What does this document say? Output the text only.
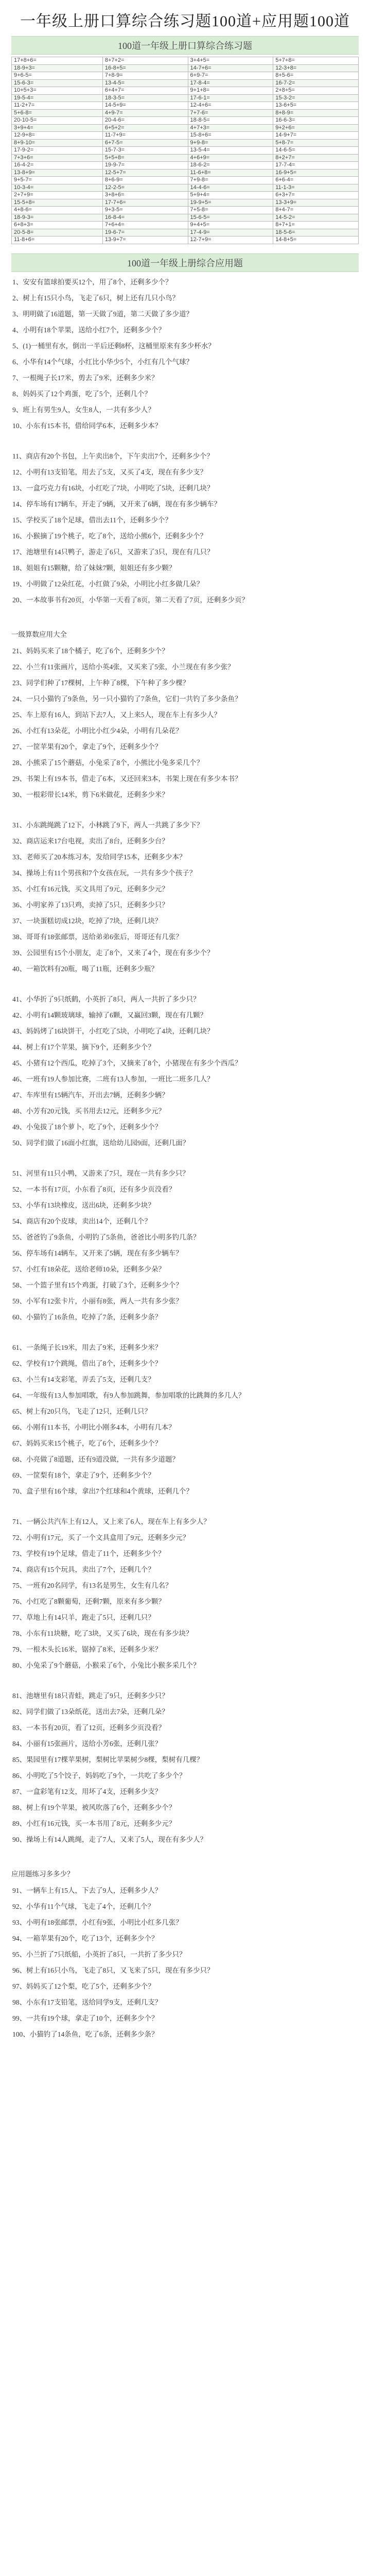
一年级上册口算综合练习题100道+应用题100道
100道一年级上册口算综合练习题
17+8+6=	8+7+2=	3+4+5=	5+7+8=
18-9+3=	16-8+5=	14-7+6=	12-3+8=
9+6-5=	7+8-9=	6+9-7=	8+5-6=
15-6-3=	13-4-5=	17-8-4=	16-7-2=
10+5+3=	6+4+7=	9+1+8=	2+8+5=
19-5-4=	18-3-5=	17-6-1=	15-3-2=
11-2+7=	14-5+9=	12-4+6=	13-6+5=
5+6-8=	4+9-7=	7+7-6=	8+8-9=
20-10-5=	20-4-6=	18-8-5=	16-6-3=
3+9+4=	6+5+2=	4+7+3=	9+2+6=
12-9+8=	11-7+9=	15-8+6=	14-9+7=
8+9-10=	6+7-5=	9+9-8=	5+8-7=
17-9-2=	15-7-3=	13-5-4=	14-6-5=
7+3+6=	5+5+8=	4+6+9=	8+2+7=
16-4-2=	19-9-7=	18-6-2=	17-7-4=
13-8+9=	12-5+7=	11-6+8=	16-9+5=
9+5-7=	8+6-9=	7+9-8=	6+6-4=
10-3-4=	12-2-5=	14-4-6=	11-1-3=
2+7+9=	3+8+6=	5+9+4=	6+3+7=
15-5+8=	17-7+6=	19-9+5=	13-3+9=
4+8-6=	9+3-5=	7+5-8=	8+4-7=
18-9-3=	16-8-4=	15-6-5=	14-5-2=
6+8+3=	7+6+4=	9+4+5=	8+7+1=
20-5-8=	19-6-7=	17-4-9=	18-5-6=
11-8+6=	13-9+7=	12-7+9=	14-8+5=
100道一年级上册综合应用题
1、安安有篮球拍要买12个，用了8个，还剩多少个？
2、树上有15只小鸟，飞走了6只，树上还有几只小鸟？
3、明明做了16道题，第一天做了9道，第二天做了多少道？
4、小明有18个苹果，送给小红7个，还剩多少个？
5、(1)一桶里有水，倒出一半后还剩8杯，这桶里原来有多少杯水？
6、小华有14个气球，小红比小华少5个，小红有几个气球？
7、一根绳子长17米，剪去了9米，还剩多少米？
8、妈妈买了12个鸡蛋，吃了5个，还剩几个？
9、班上有男生9人，女生8人，一共有多少人？
10、小东有15本书，借给同学6本，还剩多少本？
11、商店有20个书包，上午卖出8个，下午卖出7个，还剩多少个？
12、小明有13支铅笔，用去了5支，又买了4支，现在有多少支？
13、一盒巧克力有16块，小红吃了7块，小明吃了5块，还剩几块？
14、停车场有17辆车，开走了9辆，又开来了6辆，现在有多少辆车？
15、学校买了18个足球，借出去11个，还剩多少个？
16、小猴摘了19个桃子，吃了8个，送给小熊6个，还剩多少个？
17、池塘里有14只鸭子，游走了6只，又游来了3只，现在有几只？
18、姐姐有15颗糖，给了妹妹7颗，姐姐还有多少颗？
19、小明做了12朵红花，小红做了9朵，小明比小红多做几朵？
20、一本故事书有20页，小华第一天看了8页，第二天看了7页，还剩多少页？
一级算数应用大全
21、妈妈买来了18个橘子，吃了6个，还剩多少个？
22、小兰有11张画片，送给小英4张，又买来了5张，小兰现在有多少张？
23、同学们种了17棵树，上午种了8棵，下午种了多少棵？
24、一只小猫钓了9条鱼，另一只小猫钓了7条鱼，它们一共钓了多少条鱼？
25、车上原有16人，到站下去7人，又上来5人，现在车上有多少人？
26、小红有13朵花，小明比小红少4朵，小明有几朵花？
27、一筐苹果有20个，拿走了9个，还剩多少个？
28、小熊采了15个蘑菇，小兔采了8个，小熊比小兔多采几个？
29、书架上有19本书，借走了6本，又还回来3本，书架上现在有多少本书？
30、一根彩带长14米，剪下6米做花，还剩多少米？
31、小东跳绳跳了12下，小林跳了9下，两人一共跳了多少下？
32、商店运来17台电视，卖出了8台，还剩多少台？
33、老师买了20本练习本，发给同学15本，还剩多少本？
34、操场上有11个男孩和7个女孩在玩，一共有多少个孩子？
35、小红有16元钱，买文具用了9元，还剩多少元？
36、小明家养了13只鸡，卖掉了5只，还剩多少只？
37、一块蛋糕切成12块，吃掉了7块，还剩几块？
38、哥哥有18张邮票，送给弟弟6张后，哥哥还有几张？
39、公园里有15个小朋友，走了8个，又来了4个，现在有多少个？
40、一箱饮料有20瓶，喝了11瓶，还剩多少瓶？
41、小华折了9只纸鹤，小英折了8只，两人一共折了多少只？
42、小明有14颗玻璃球，输掉了6颗，又赢回3颗，现在有几颗？
43、妈妈烤了16块饼干，小红吃了5块，小明吃了4块，还剩几块？
44、树上有17个苹果，摘下9个，还剩多少个？
45、小猪有12个西瓜，吃掉了3个，又摘来了8个，小猪现在有多少个西瓜？
46、一班有19人参加比赛，二班有13人参加，一班比二班多几人？
47、车库里有15辆汽车，开出去7辆，还剩多少辆？
48、小芳有20元钱，买书用去12元，还剩多少元？
49、小兔拔了18个萝卜，吃了9个，还剩多少个？
50、同学们做了16面小红旗，送给幼儿园9面，还剩几面？
51、河里有11只小鸭，又游来了7只，现在一共有多少只？
52、一本书有17页，小东看了8页，还有多少页没看？
53、小华有13块橡皮，送出6块，还剩多少块？
54、商店有20个皮球，卖出14个，还剩几个？
55、爸爸钓了9条鱼，小明钓了5条鱼，爸爸比小明多钓几条？
56、停车场有14辆车，又开来了5辆，现在有多少辆车？
57、小红有18朵花，送给老师10朵，还剩多少朵？
58、一个篮子里有15个鸡蛋，打破了3个，还剩多少个？
59、小军有12张卡片，小丽有8张，两人一共有多少张？
60、小猫钓了16条鱼，吃掉了7条，还剩多少条？
61、一条绳子长19米，用去了9米，还剩多少米？
62、学校有17个跳绳，借出了8个，还剩多少个？
63、小兰有14支彩笔，弄丢了5支，还剩几支？
64、一年级有13人参加唱歌，有9人参加跳舞，参加唱歌的比跳舞的多几人？
65、树上有20只鸟，飞走了12只，还剩几只？
66、小刚有11本书，小明比小刚多4本，小明有几本？
67、妈妈买来15个桃子，吃了6个，还剩多少个？
68、小亮做了8道题，还有9道没做，一共有多少道题？
69、一筐梨有18个，拿走了9个，还剩多少个？
70、盒子里有16个球，拿出7个红球和4个黄球，还剩几个？
71、一辆公共汽车上有12人，又上来了6人，现在车上有多少人？
72、小明有17元，买了一个文具盒用了9元，还剩多少元？
73、学校有19个足球，借走了11个，还剩多少个？
74、商店有15个玩具，卖出了7个，还剩几个？
75、一班有20名同学，有13名是男生，女生有几名？
76、小红吃了8颗葡萄，还剩7颗，原来有多少颗？
77、草地上有14只羊，跑走了5只，还剩几只？
78、小东有11块糖，吃了3块，又买了6块，现在有多少块？
79、一根木头长16米，锯掉了8米，还剩多少米？
80、小兔采了9个蘑菇，小猴采了6个，小兔比小猴多采几个？
81、池塘里有18只青蛙，跳走了9只，还剩多少只？
82、同学们做了13朵纸花，送出去7朵，还剩几朵？
83、一本书有20页，看了12页，还剩多少页没看？
84、小丽有15张画片，送给小芳6张，还剩几张？
85、果园里有17棵苹果树，梨树比苹果树少8棵，梨树有几棵？
86、小明吃了5个饺子，妈妈吃了9个，一共吃了多少个？
87、一盒彩笔有12支，用坏了4支，还剩多少支？
88、树上有19个苹果，被风吹落了6个，还剩多少个？
89、小红有16元钱，买一本书用了8元，还剩多少元？
90、操场上有14人跳绳，走了7人，又来了5人，现在有多少人？
应用题练习多多少？
91、一辆车上有15人，下去了9人，还剩多少人？
92、小华有11个气球，飞走了4个，还剩几个？
93、小明有18张邮票，小红有9张，小明比小红多几张？
94、一箱苹果有20个，吃了13个，还剩多少个？
95、小兰折了7只纸船，小英折了8只，一共折了多少只？
96、树上有16只小鸟，飞走了8只，又飞来了5只，现在有多少只？
97、妈妈买了12个梨，吃了5个，还剩多少个？
98、小东有17支铅笔，送给同学9支，还剩几支？
99、一共有19个球，拿走了10个，还剩多少个？
100、小猫钓了14条鱼，吃了6条，还剩多少条？
